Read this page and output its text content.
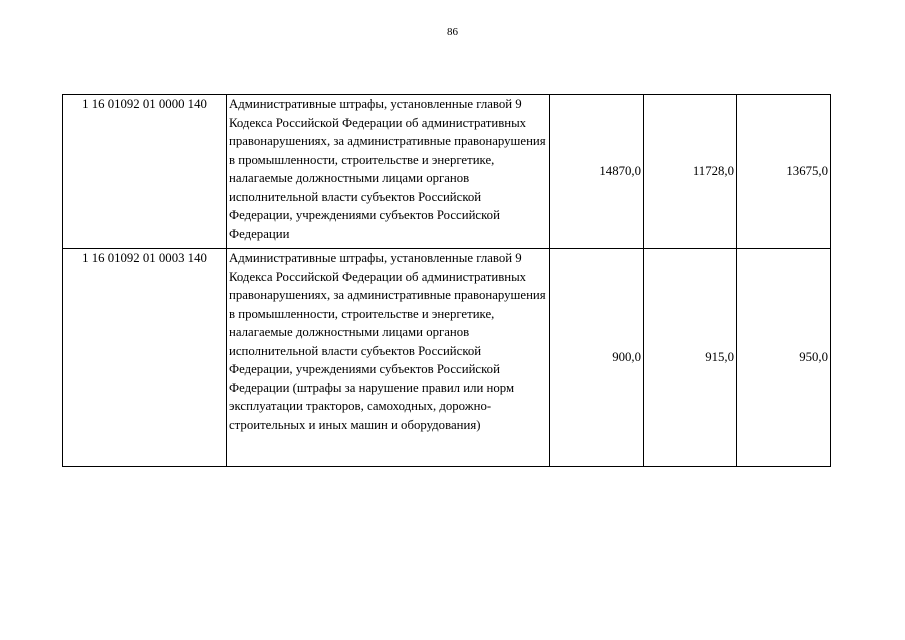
86
1 16 01092 01 0000 140	Административные штрафы, установленные главой 9 Кодекса Российской Федерации об административных правонарушениях, за административные правонарушения в промышленности, строительстве и энергетике, налагаемые должностными лицами органов исполнительной власти субъектов Российской Федерации, учреждениями субъектов Российской Федерации	14870,0	11728,0	13675,0
1 16 01092 01 0003 140	Административные штрафы, установленные главой 9 Кодекса Российской Федерации об административных правонарушениях, за административные правонарушения в промышленности, строительстве и энергетике, налагаемые должностными лицами органов исполнительной власти субъектов Российской Федерации, учреждениями субъектов Российской Федерации (штрафы за нарушение правил или норм эксплуатации тракторов, самоходных, дорожно-строительных и иных машин и оборудования)	900,0	915,0	950,0
